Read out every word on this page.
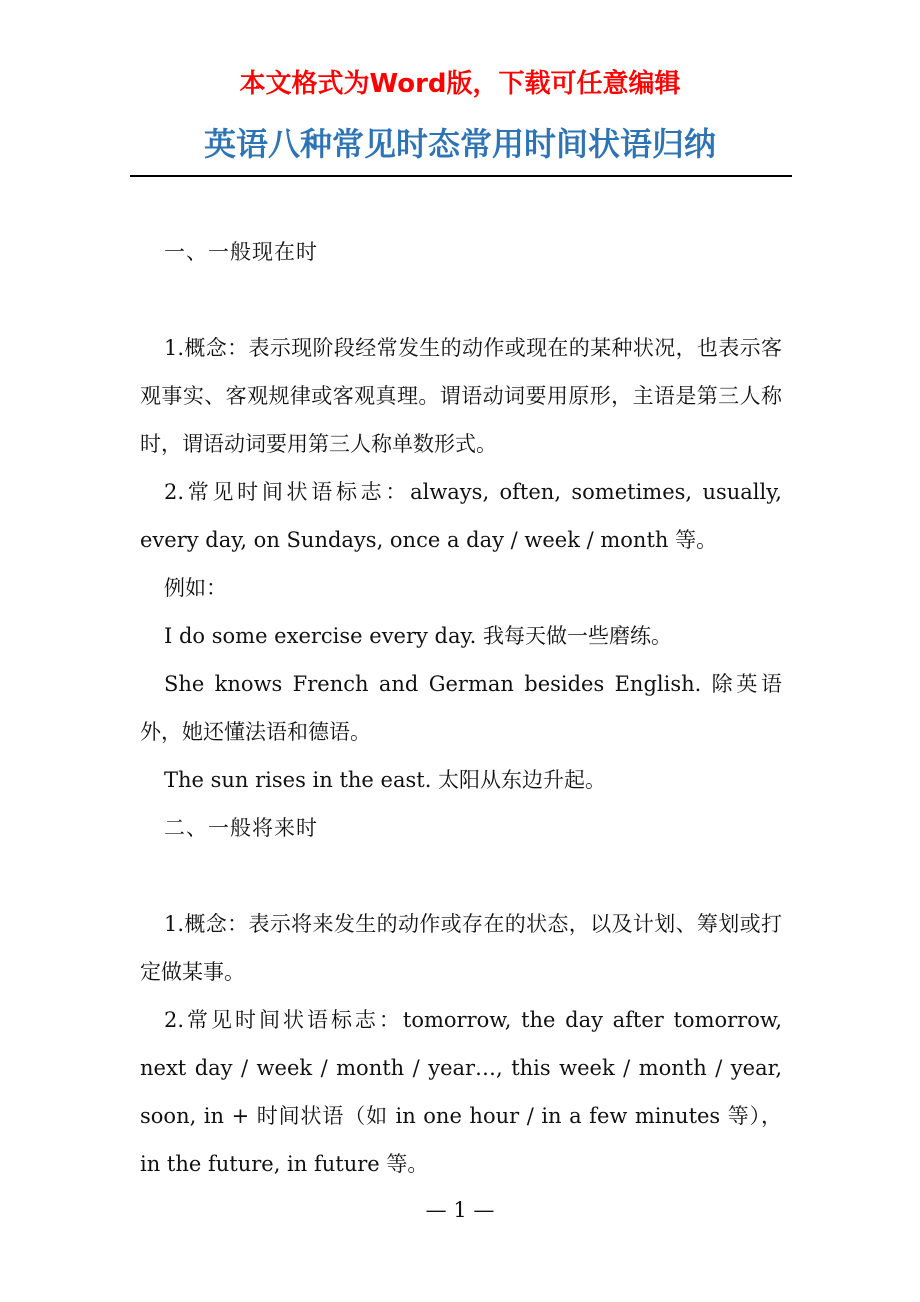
本文格式为Word版，下载可任意编辑
英语八种常见时态常用时间状语归纳

一、一般现在时

1.概念：表示现阶段经常发生的动作或现在的某种状况，也表示客观事实、客观规律或客观真理。谓语动词要用原形，主语是第三人称时，谓语动词要用第三人称单数形式。

2.常见时间状语标志：always, often, sometimes, usually, every day, on Sundays, once a day / week / month 等。

例如：

I do some exercise every day. 我每天做一些磨练。

She knows French and German besides English. 除英语外，她还懂法语和德语。

The sun rises in the east. 太阳从东边升起。

二、一般将来时

1.概念：表示将来发生的动作或存在的状态，以及计划、筹划或打定做某事。

2.常见时间状语标志：tomorrow, the day after tomorrow, next day / week / month / year…, this week / month / year, soon, in + 时间状语（如 in one hour / in a few minutes 等），in the future, in future 等。

— 1 —
